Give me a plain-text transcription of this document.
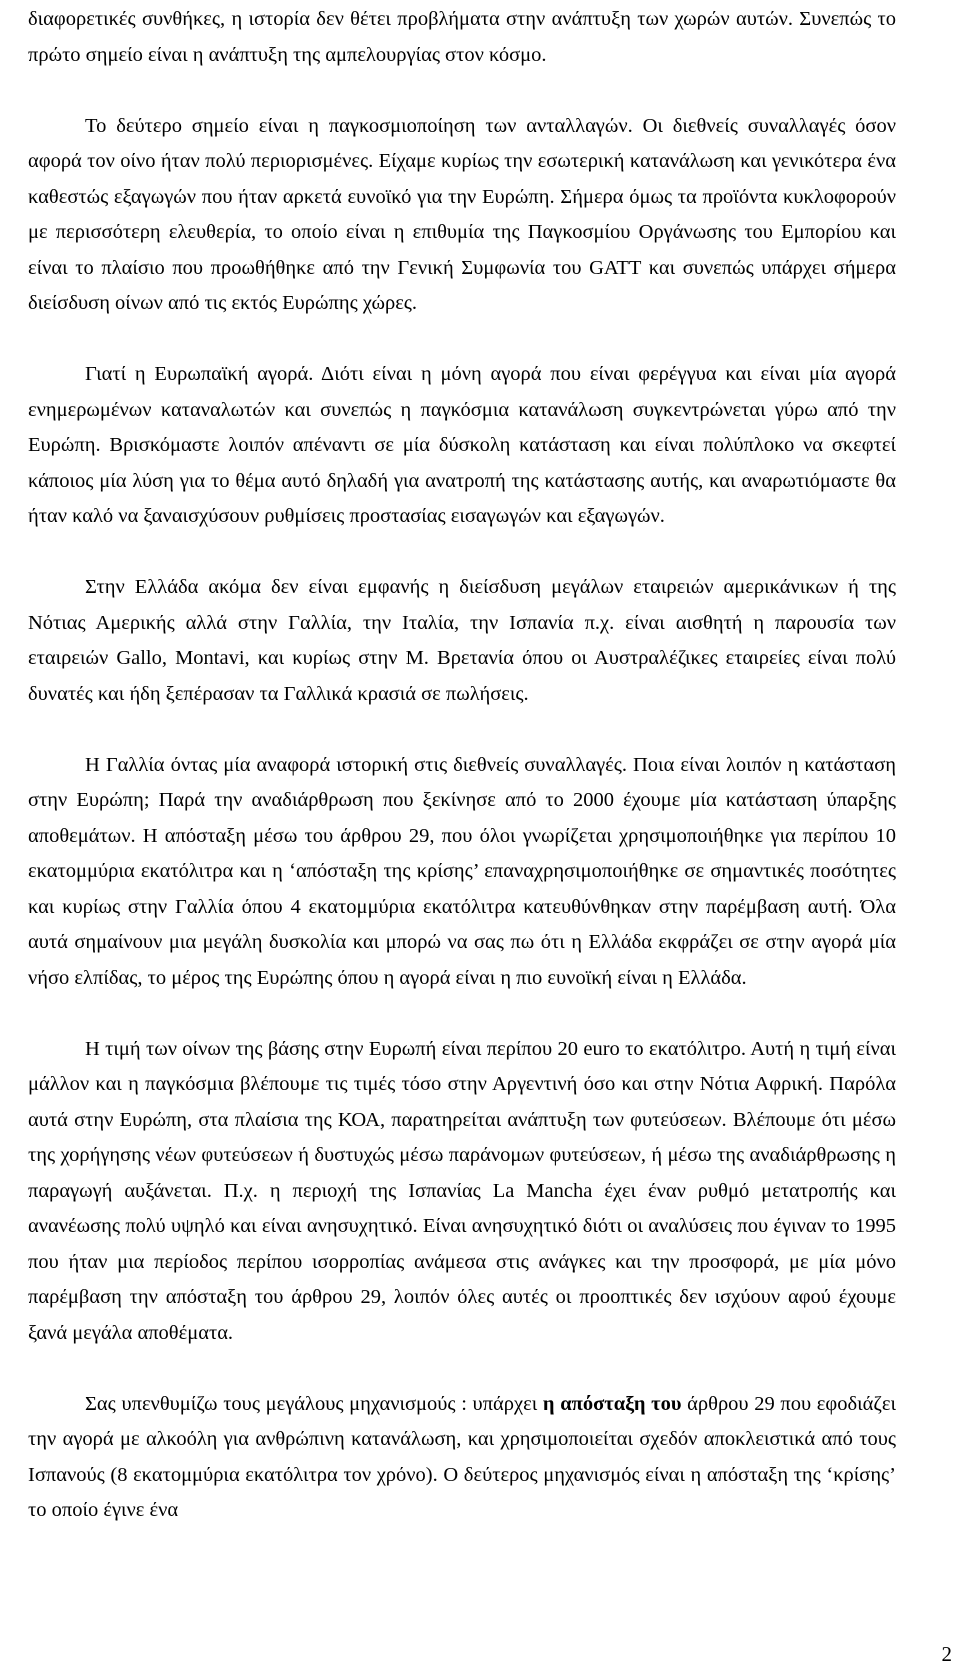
διαφορετικές συνθήκες, η ιστορία δεν θέτει προβλήματα στην ανάπτυξη των χωρών αυτών. Συνεπώς το πρώτο σημείο είναι η ανάπτυξη της αμπελουργίας στον κόσμο.

Το δεύτερο σημείο είναι η παγκοσμιοποίηση των ανταλλαγών. Οι διεθνείς συναλλαγές όσον αφορά τον οίνο ήταν πολύ περιορισμένες. Είχαμε κυρίως την εσωτερική κατανάλωση και γενικότερα ένα καθεστώς εξαγωγών που ήταν αρκετά ευνοϊκό για την Ευρώπη. Σήμερα όμως τα προϊόντα κυκλοφορούν με περισσότερη ελευθερία, το οποίο είναι η επιθυμία της Παγκοσμίου Οργάνωσης του Εμπορίου και είναι το πλαίσιο που προωθήθηκε από την Γενική Συμφωνία του GATT και συνεπώς υπάρχει σήμερα διείσδυση οίνων από τις εκτός Ευρώπης χώρες.

Γιατί η Ευρωπαϊκή αγορά. Διότι είναι η μόνη αγορά που είναι φερέγγυα και είναι μία αγορά ενημερωμένων καταναλωτών και συνεπώς η παγκόσμια κατανάλωση συγκεντρώνεται γύρω από την Ευρώπη. Βρισκόμαστε λοιπόν απέναντι σε μία δύσκολη κατάσταση και είναι πολύπλοκο να σκεφτεί κάποιος μία λύση για το θέμα αυτό δηλαδή για ανατροπή της κατάστασης αυτής, και αναρωτιόμαστε θα ήταν καλό να ξαναισχύσουν ρυθμίσεις προστασίας εισαγωγών και εξαγωγών.

Στην Ελλάδα ακόμα δεν είναι εμφανής η διείσδυση μεγάλων εταιρειών αμερικάνικων ή της Νότιας Αμερικής αλλά στην Γαλλία, την Ιταλία, την Ισπανία π.χ. είναι αισθητή η παρουσία των εταιρειών Gallo, Montavi, και κυρίως στην Μ. Βρετανία όπου οι Αυστραλέζικες εταιρείες είναι πολύ δυνατές και ήδη ξεπέρασαν τα Γαλλικά κρασιά σε πωλήσεις.

Η Γαλλία όντας μία αναφορά ιστορική στις διεθνείς συναλλαγές. Ποια είναι λοιπόν η κατάσταση στην Ευρώπη; Παρά την αναδιάρθρωση που ξεκίνησε από το 2000 έχουμε μία κατάσταση ύπαρξης αποθεμάτων. Η απόσταξη μέσω του άρθρου 29, που όλοι γνωρίζεται χρησιμοποιήθηκε για περίπου 10 εκατομμύρια εκατόλιτρα και η ‘απόσταξη της κρίσης’ επαναχρησιμοποιήθηκε σε σημαντικές ποσότητες και κυρίως στην Γαλλία όπου 4 εκατομμύρια εκατόλιτρα κατευθύνθηκαν στην παρέμβαση αυτή. Όλα αυτά σημαίνουν μια μεγάλη δυσκολία και μπορώ να σας πω ότι η Ελλάδα εκφράζει σε στην αγορά μία νήσο ελπίδας, το μέρος της Ευρώπης όπου η αγορά είναι η πιο ευνοϊκή είναι η Ελλάδα.

Η τιμή των οίνων της βάσης στην Ευρωπή είναι περίπου 20 euro το εκατόλιτρο. Αυτή η τιμή είναι μάλλον και η παγκόσμια βλέπουμε τις τιμές τόσο στην Αργεντινή όσο και στην Νότια Αφρική. Παρόλα αυτά στην Ευρώπη, στα πλαίσια της ΚΟΑ, παρατηρείται ανάπτυξη των φυτεύσεων. Βλέπουμε ότι μέσω της χορήγησης νέων φυτεύσεων ή δυστυχώς μέσω παράνομων φυτεύσεων, ή μέσω της αναδιάρθρωσης η παραγωγή αυξάνεται. Π.χ. η περιοχή της Ισπανίας La Mancha έχει έναν ρυθμό μετατροπής και ανανέωσης πολύ υψηλό και είναι ανησυχητικό. Είναι ανησυχητικό διότι οι αναλύσεις που έγιναν το 1995 που ήταν μια περίοδος περίπου ισορροπίας ανάμεσα στις ανάγκες και την προσφορά, με μία μόνο παρέμβαση την απόσταξη του άρθρου 29, λοιπόν όλες αυτές οι προοπτικές δεν ισχύουν αφού έχουμε ξανά μεγάλα αποθέματα.

Σας υπενθυμίζω τους μεγάλους μηχανισμούς : υπάρχει η απόσταξη του άρθρου 29 που εφοδιάζει την αγορά με αλκοόλη για ανθρώπινη κατανάλωση, και χρησιμοποιείται σχεδόν αποκλειστικά από τους Ισπανούς (8 εκατομμύρια εκατόλιτρα τον χρόνο). Ο δεύτερος μηχανισμός είναι η απόσταξη της ‘κρίσης’ το οποίο έγινε ένα

2
